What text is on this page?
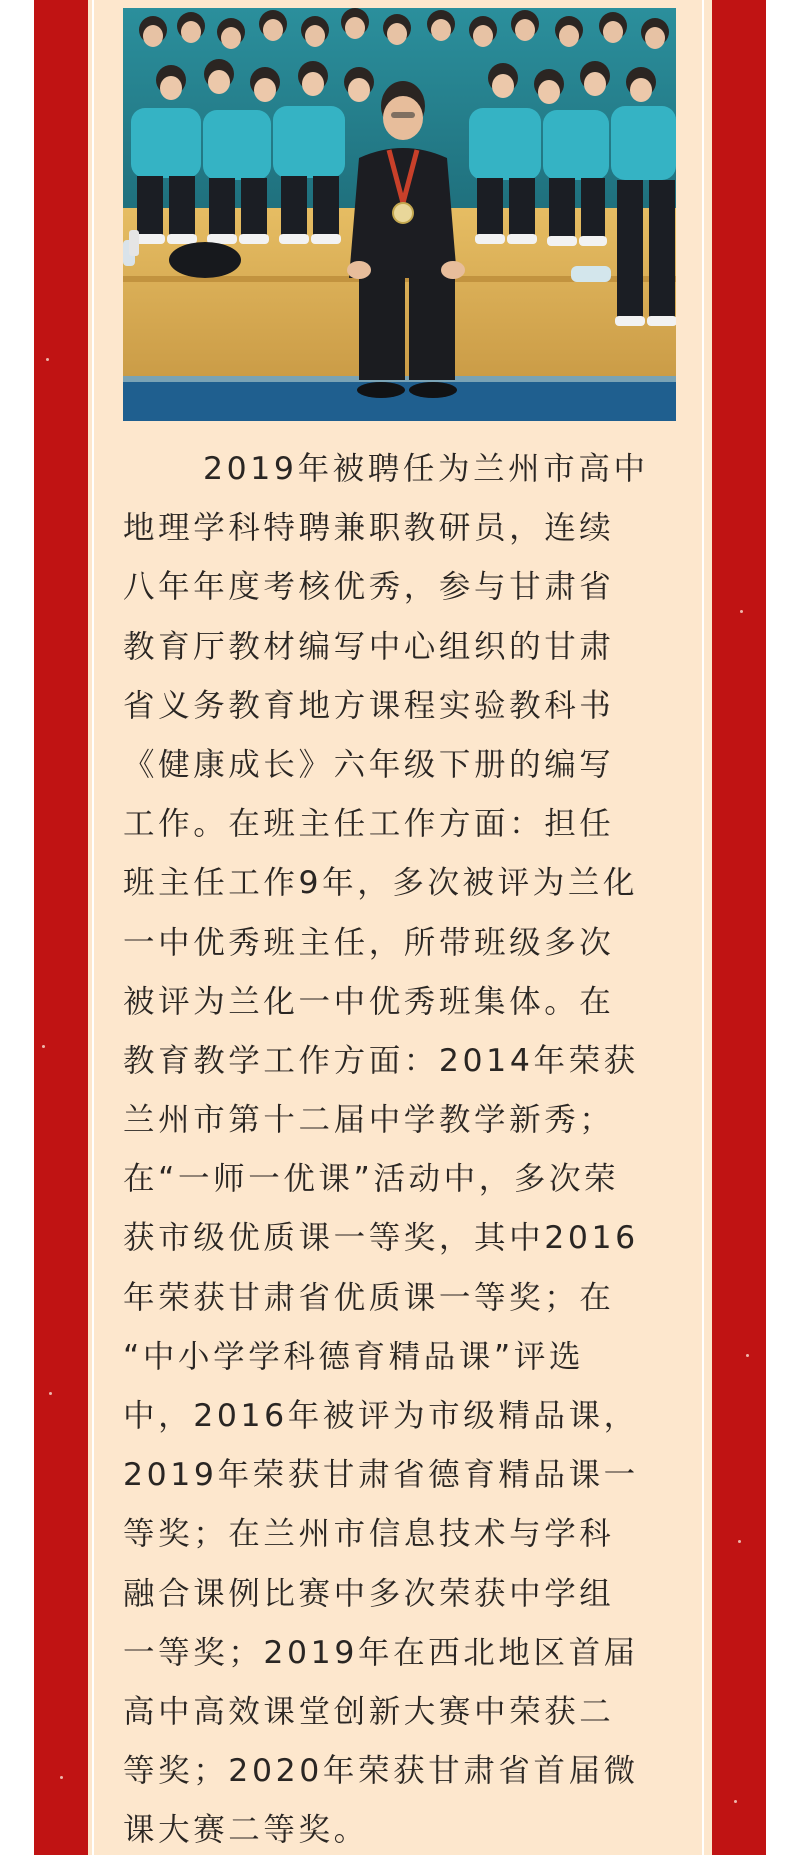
2019年被聘任为兰州市高中
地理学科特聘兼职教研员，连续
八年年度考核优秀，参与甘肃省
教育厅教材编写中心组织的甘肃
省义务教育地方课程实验教科书
《健康成长》六年级下册的编写
工作。在班主任工作方面：担任
班主任工作9年，多次被评为兰化
一中优秀班主任，所带班级多次
被评为兰化一中优秀班集体。在
教育教学工作方面：2014年荣获
兰州市第十二届中学教学新秀；
在“一师一优课”活动中，多次荣
获市级优质课一等奖，其中2016
年荣获甘肃省优质课一等奖；在
“中小学学科德育精品课”评选
中，2016年被评为市级精品课，
2019年荣获甘肃省德育精品课一
等奖；在兰州市信息技术与学科
融合课例比赛中多次荣获中学组
一等奖；2019年在西北地区首届
高中高效课堂创新大赛中荣获二
等奖；2020年荣获甘肃省首届微
课大赛二等奖。
